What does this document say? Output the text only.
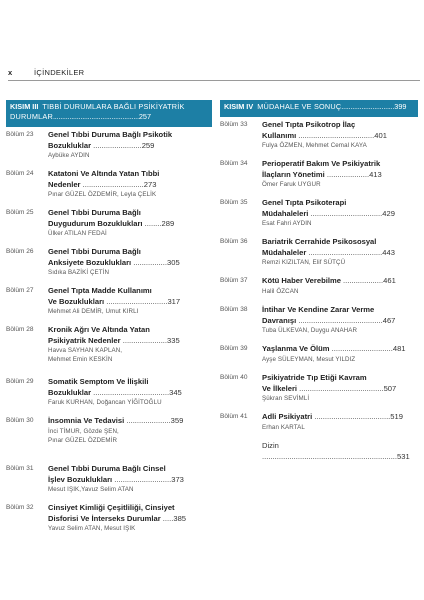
x	İÇİNDEKİLER
KISIM III TIBBİ DURUMLARA BAĞLI PSİKİYATRİK
DURUMLAR...............................................257
Bölüm 23	Genel Tıbbi Duruma Bağlı Psikotik
Bozukluklar .......................259
Aybüke AYDIN
Bölüm 24	Katatoni Ve Altında Yatan Tıbbi
Nedenler .............................273
Pınar GÜZEL ÖZDEMİR, Leyla ÇELİK
Bölüm 25	Genel Tıbbi Duruma Bağlı
Duygudurum Bozuklukları ........289
Ülker ATILAN FEDAİ
Bölüm 26	Genel Tıbbi Duruma Bağlı
Anksiyete Bozuklukları ................305
Sıdıka BAZİKİ ÇETİN
Bölüm 27	Genel Tıpta Madde Kullanımı
Ve Bozuklukları .............................317
Mehmet Ali DEMİR, Umut KIRLI
Bölüm 28	Kronik Ağrı Ve Altında Yatan
Psikiyatrik Nedenler .....................335
Havva SAYHAN KAPLAN,
Mehmet Emin KESKİN
Bölüm 29	Somatik Semptom Ve İlişkili
Bozukluklar ....................................345
Faruk KURHAN, Doğancan YİĞİTOĞLU
Bölüm 30	İnsomnia Ve Tedavisi .....................359
İnci TİMUR, Gözde ŞEN,
Pınar GÜZEL ÖZDEMİR
Bölüm 31	Genel Tıbbi Duruma Bağlı Cinsel
İşlev Bozuklukları ...........................373
Mesut IŞIK,Yavuz Selim ATAN
Bölüm 32	Cinsiyet Kimliği Çeşitliliği, Cinsiyet
Disforisi Ve İnterseks Durumlar .....385
Yavuz Selim ATAN, Mesut IŞIK
KISIM IV MÜDAHALE VE SONUÇ.............................399
Bölüm 33	Genel Tıpta Psikotrop İlaç
Kullanımı ....................................401
Fulya ÖZMEN, Mehmet Cemal KAYA
Bölüm 34	Perioperatif Bakım Ve Psikiyatrik
İlaçların Yönetimi ....................413
Ömer Faruk UYGUR
Bölüm 35	Genel Tıpta Psikoterapi
Müdahaleleri ..................................429
Esat Fahri AYDIN
Bölüm 36	Bariatrik Cerrahide Psikososyal
Müdahaleler ...................................443
Remzi KIZILTAN, Elif SÜTÇÜ
Bölüm 37	Kötü Haber Verebilme ...................461
Halil ÖZCAN
Bölüm 38	İntihar Ve Kendine Zarar Verme
Davranışı ........................................467
Tuba ÜLKEVAN, Duygu ANAHAR
Bölüm 39	Yaşlanma Ve Ölüm .............................481
Ayşe SÜLEYMAN, Mesut YILDIZ
Bölüm 40	Psikiyatride Tıp Etiği Kavram
Ve İlkeleri ........................................507
Şükran SEVİMLİ
Bölüm 41	Adli Psikiyatri ....................................519
Erhan KARTAL
Dizin ................................................................531
